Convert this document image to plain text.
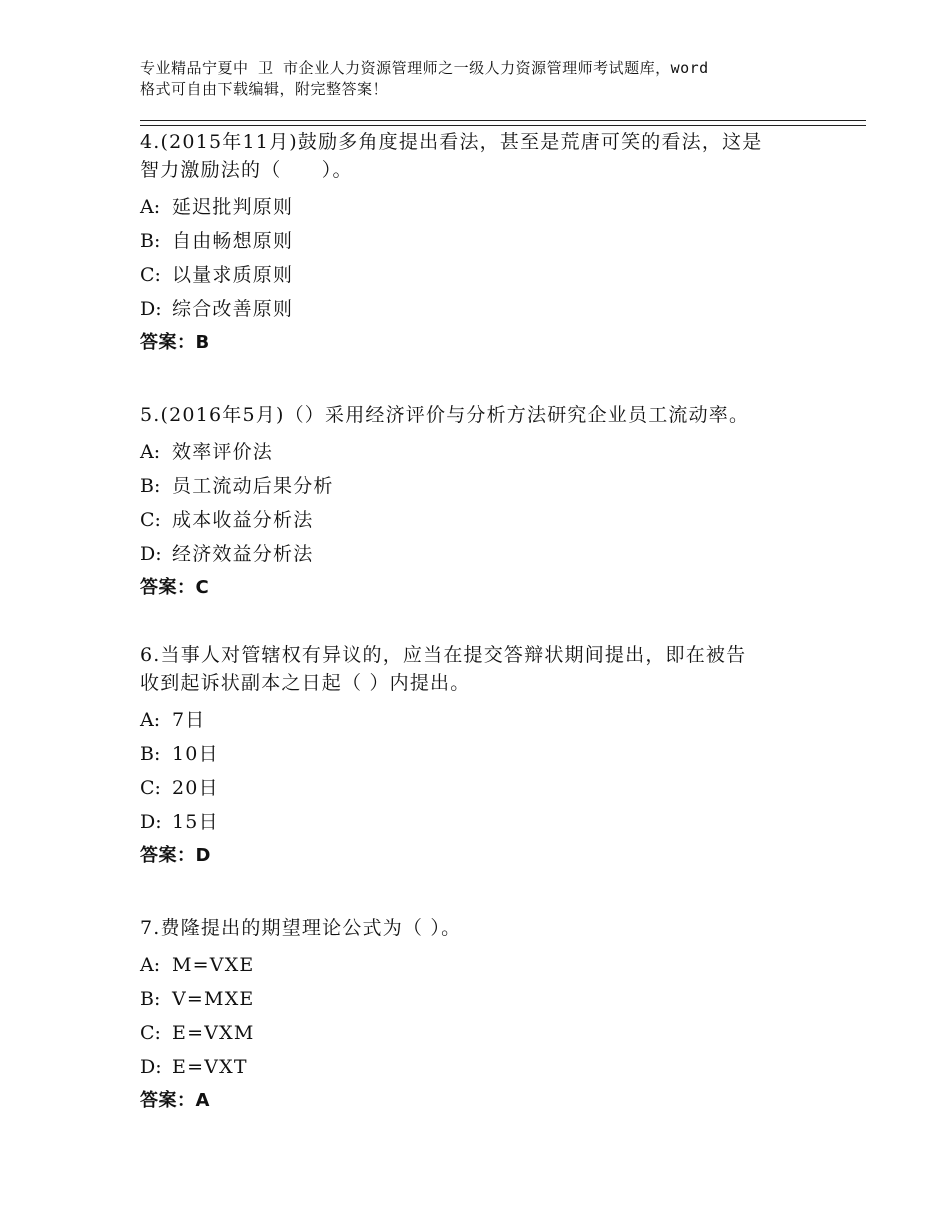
专业精品宁夏中 卫 市企业人力资源管理师之一级人力资源管理师考试题库，word
格式可自由下载编辑，附完整答案！
4.(2015年11月)鼓励多角度提出看法，甚至是荒唐可笑的看法，这是
智力激励法的（　　）。
A: 延迟批判原则
B: 自由畅想原则
C: 以量求质原则
D: 综合改善原则
答案：B
5.(2016年5月)（）采用经济评价与分析方法研究企业员工流动率。
A: 效率评价法
B: 员工流动后果分析
C: 成本收益分析法
D: 经济效益分析法
答案：C
6.当事人对管辖权有异议的，应当在提交答辩状期间提出，即在被告
收到起诉状副本之日起（ ）内提出。
A: 7日
B: 10日
C: 20日
D: 15日
答案：D
7.费隆提出的期望理论公式为（ ）。
A: M=VXE
B: V=MXE
C: E=VXM
D: E=VXT
答案：A
